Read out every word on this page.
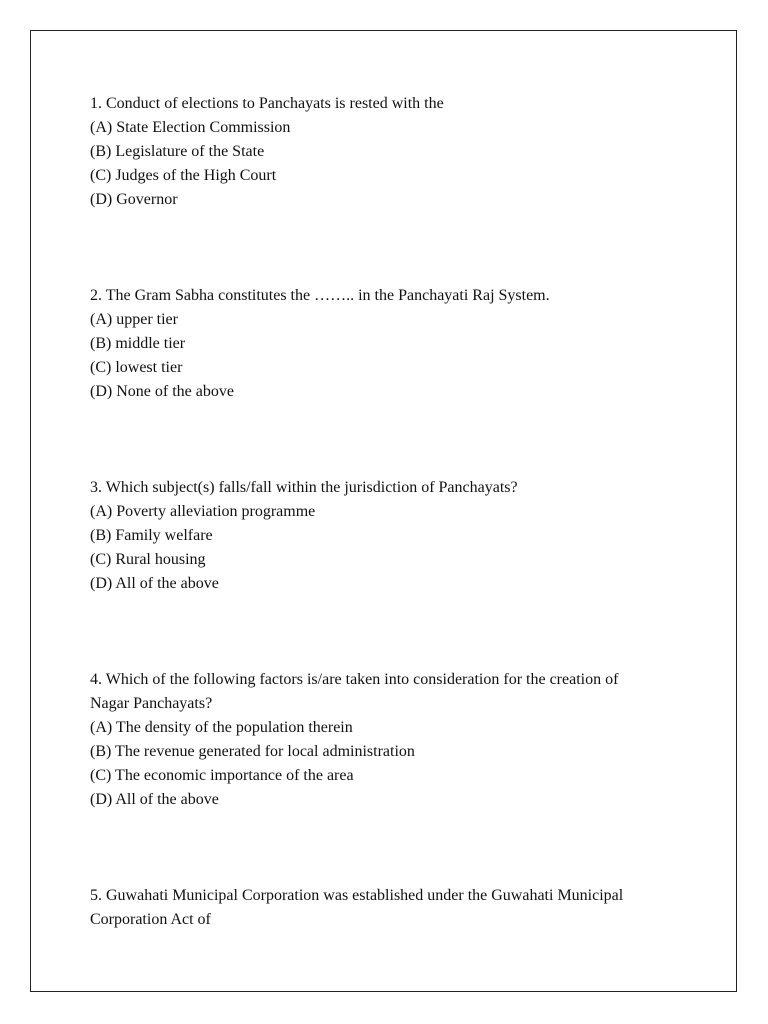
1. Conduct of elections to Panchayats is rested with the
(A) State Election Commission
(B) Legislature of the State
(C) Judges of the High Court
(D) Governor
2. The Gram Sabha constitutes the …….. in the Panchayati Raj System.
(A) upper tier
(B) middle tier
(C) lowest tier
(D) None of the above
3. Which subject(s) falls/fall within the jurisdiction of Panchayats?
(A) Poverty alleviation programme
(B) Family welfare
(C) Rural housing
(D) All of the above
4. Which of the following factors is/are taken into consideration for the creation of
Nagar Panchayats?
(A) The density of the population therein
(B) The revenue generated for local administration
(C) The economic importance of the area
(D) All of the above
5. Guwahati Municipal Corporation was established under the Guwahati Municipal
Corporation Act of
